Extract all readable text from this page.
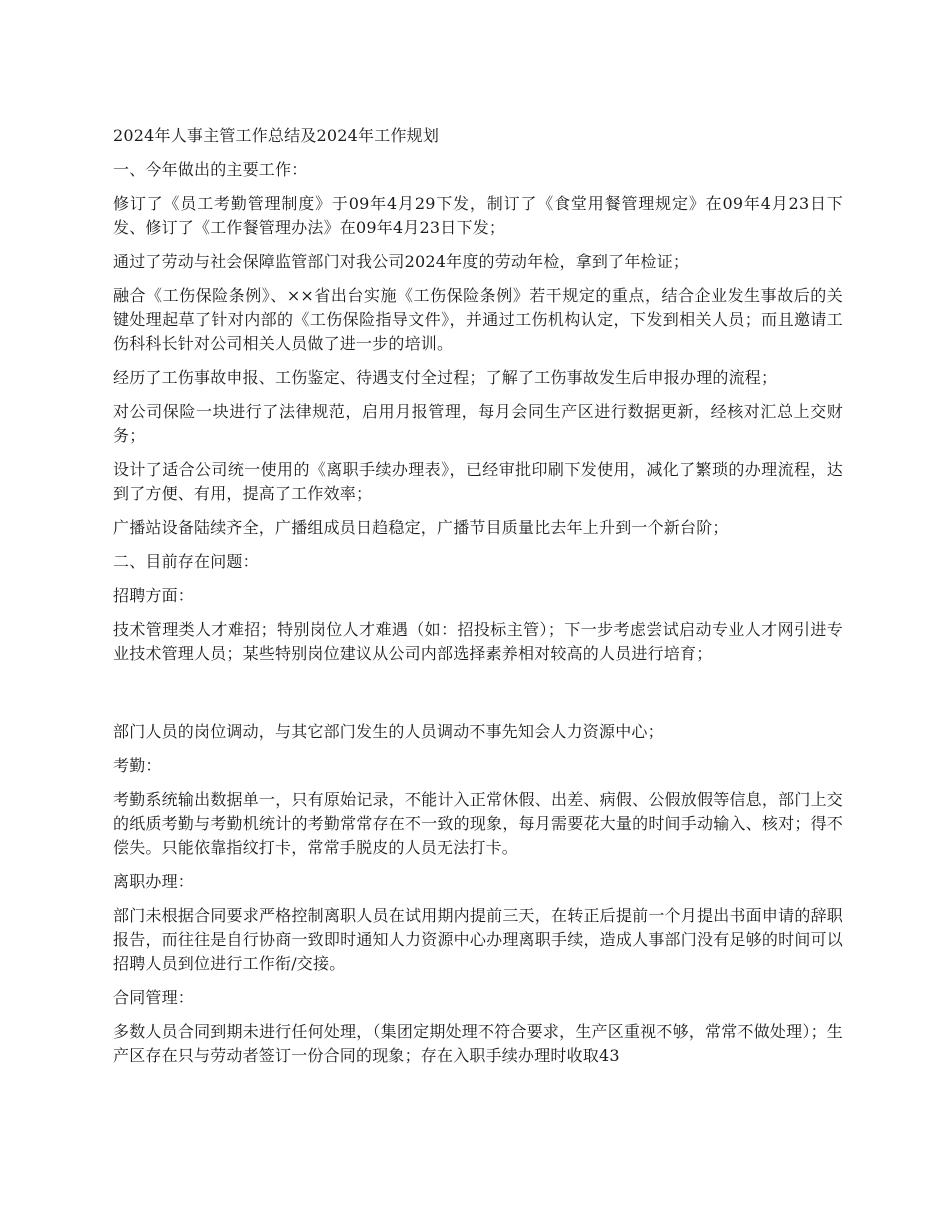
2024年人事主管工作总结及2024年工作规划

一、今年做出的主要工作：

修订了《员工考勤管理制度》于09年4月29下发，制订了《食堂用餐管理规定》在09年4月23日下发、修订了《工作餐管理办法》在09年4月23日下发；

通过了劳动与社会保障监管部门对我公司2024年度的劳动年检，拿到了年检证；

融合《工伤保险条例》、××省出台实施《工伤保险条例》若干规定的重点，结合企业发生事故后的关键处理起草了针对内部的《工伤保险指导文件》，并通过工伤机构认定，下发到相关人员；而且邀请工伤科科长针对公司相关人员做了进一步的培训。

经历了工伤事故申报、工伤鉴定、待遇支付全过程；了解了工伤事故发生后申报办理的流程；

对公司保险一块进行了法律规范，启用月报管理，每月会同生产区进行数据更新，经核对汇总上交财务；

设计了适合公司统一使用的《离职手续办理表》，已经审批印刷下发使用，减化了繁琐的办理流程，达到了方便、有用，提高了工作效率；

广播站设备陆续齐全，广播组成员日趋稳定，广播节目质量比去年上升到一个新台阶；

二、目前存在问题：

招聘方面：

技术管理类人才难招；特别岗位人才难遇（如：招投标主管）；下一步考虑尝试启动专业人才网引进专业技术管理人员；某些特别岗位建议从公司内部选择素养相对较高的人员进行培育；

部门人员的岗位调动，与其它部门发生的人员调动不事先知会人力资源中心；

考勤：

考勤系统输出数据单一，只有原始记录，不能计入正常休假、出差、病假、公假放假等信息，部门上交的纸质考勤与考勤机统计的考勤常常存在不一致的现象，每月需要花大量的时间手动输入、核对；得不偿失。只能依靠指纹打卡，常常手脱皮的人员无法打卡。

离职办理：

部门未根据合同要求严格控制离职人员在试用期内提前三天，在转正后提前一个月提出书面申请的辞职报告，而往往是自行协商一致即时通知人力资源中心办理离职手续，造成人事部门没有足够的时间可以招聘人员到位进行工作衔/交接。

合同管理：

多数人员合同到期未进行任何处理，（集团定期处理不符合要求，生产区重视不够，常常不做处理）；生产区存在只与劳动者签订一份合同的现象；存在入职手续办理时收取43
